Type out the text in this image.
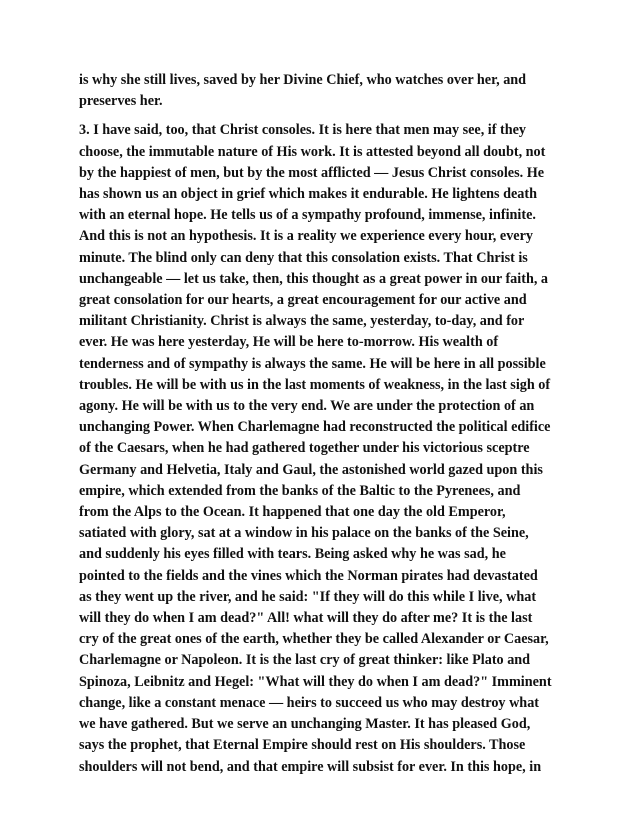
is why she still lives, saved by her Divine Chief, who watches over her, and
preserves her.

3. I have said, too, that Christ consoles. It is here that men may see, if they
choose, the immutable nature of His work. It is attested beyond all doubt, not
by the happiest of men, but by the most afflicted — Jesus Christ consoles. He
has shown us an object in grief which makes it endurable. He lightens death
with an eternal hope. He tells us of a sympathy profound, immense, infinite.
And this is not an hypothesis. It is a reality we experience every hour, every
minute. The blind only can deny that this consolation exists. That Christ is
unchangeable — let us take, then, this thought as a great power in our faith, a
great consolation for our hearts, a great encouragement for our active and
militant Christianity. Christ is always the same, yesterday, to-day, and for
ever. He was here yesterday, He will be here to-morrow. His wealth of
tenderness and of sympathy is always the same. He will be here in all possible
troubles. He will be with us in the last moments of weakness, in the last sigh of
agony. He will be with us to the very end. We are under the protection of an
unchanging Power. When Charlemagne had reconstructed the political edifice
of the Caesars, when he had gathered together under his victorious sceptre
Germany and Helvetia, Italy and Gaul, the astonished world gazed upon this
empire, which extended from the banks of the Baltic to the Pyrenees, and
from the Alps to the Ocean. It happened that one day the old Emperor,
satiated with glory, sat at a window in his palace on the banks of the Seine,
and suddenly his eyes filled with tears. Being asked why he was sad, he
pointed to the fields and the vines which the Norman pirates had devastated
as they went up the river, and he said: "If they will do this while I live, what
will they do when I am dead?" All! what will they do after me? It is the last
cry of the great ones of the earth, whether they be called Alexander or Caesar,
Charlemagne or Napoleon. It is the last cry of great thinker: like Plato and
Spinoza, Leibnitz and Hegel: "What will they do when I am dead?" Imminent
change, like a constant menace — heirs to succeed us who may destroy what
we have gathered. But we serve an unchanging Master. It has pleased God,
says the prophet, that Eternal Empire should rest on His shoulders. Those
shoulders will not bend, and that empire will subsist for ever. In this hope, in
